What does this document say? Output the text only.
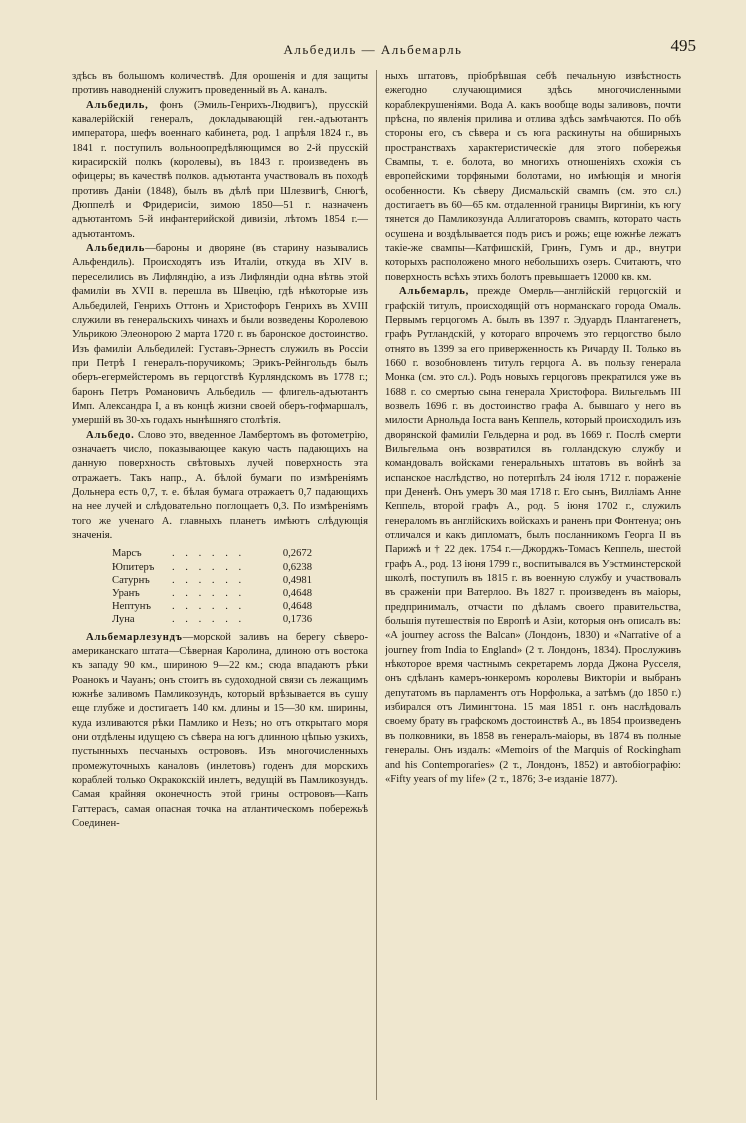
Альбедиль — Альбемарль	495

здѣсь въ большомъ количествѣ. Для орошенія и для защиты противъ наводненій служитъ проведенный въ А. каналъ.

Альбедиль, фонъ (Эмиль-Генрихъ-Людвигъ), прусскій кавалерійскій генералъ, докладывающій ген.-адъютантъ императора, шефъ военнаго кабинета, род. 1 апрѣля 1824 г., въ 1841 г. поступилъ вольноопредѣляющимся во 2-й прусскій кирасирскій полкъ (королевы), въ 1843 г. произведенъ въ офицеры; въ качествѣ полков. адъютанта участвовалъ въ походѣ противъ Даніи (1848), былъ въ дѣлѣ при Шлезвигѣ, Снюгѣ, Дюппелѣ и Фридерисіи, зимою 1850—51 г. назначенъ адъютантомъ 5-й инфантерийской дивизіи, лѣтомъ 1854 г.—адъютантомъ.

Альбедиль—бароны и дворяне (въ старину назывались Альфендиль). Происходятъ изъ Италіи, откуда въ XIV в. переселились въ Лифляндію, а изъ Лифляндіи одна вѣтвь этой фамиліи въ XVII в. перешла въ Швецію, гдѣ нѣкоторые изъ Альбедилей, Генрихъ Оттонъ и Христофоръ Генрихъ въ XVIII служили въ генеральскихъ чинахъ и были возведены Королевою Ульрикою Элеонорою 2 марта 1720 г. въ баронское достоинство. Изъ фамиліи Альбедилей: Густавъ-Эрнестъ служилъ въ Россіи при Петрѣ I генералъ-поручикомъ; Эрикъ-Рейнгольдъ былъ оберъ-егермейстеромъ въ герцогствѣ Курляндскомъ въ 1778 г.; баронъ Петръ Романовичъ Альбедиль — флигель-адъютантъ Имп. Александра I, а въ концѣ жизни своей оберъ-гофмаршалъ, умершій въ 30-хъ годахъ нынѣшняго столѣтія.

Альбедо. Слово это, введенное Ламбертомъ въ фотометрію, означаетъ число, показывающее какую часть падающихъ на данную поверхность свѣтовыхъ лучей поверхность эта отражаетъ. Такъ напр., А. бѣлой бумаги по измѣреніямъ Дольнера есть 0,7, т. е. бѣлая бумага отражаетъ 0,7 падающихъ на нее лучей и слѣдовательно поглощаетъ 0,3. По измѣреніямъ того же ученаго А. главныхъ планетъ имѣютъ слѣдующія значенія.

Марсъ	. . . . . .	0,2672
Юпитеръ	. . . . . .	0,6238
Сатурнъ	. . . . . .	0,4981
Уранъ	. . . . . .	0,4648
Нептунъ	. . . . . .	0,4648
Луна	. . . . . .	0,1736

Альбемарлезундъ—морской заливъ на берегу сѣверо-американскаго штата—Сѣверная Каролина, длиною отъ востока къ западу 90 км., шириною 9—22 км.; сюда впадаютъ рѣки Роанокъ и Чауанъ; онъ стоитъ въ судоходной связи съ лежащимъ южнѣе заливомъ Памликозундъ, который врѣзывается въ сушу еще глубже и достигаетъ 140 км. длины и 15—30 км. ширины, куда изливаются рѣки Памлико и Незъ; но отъ открытаго моря они отдѣлены идущею съ сѣвера на югъ длинною цѣпью узкихъ, пустынныхъ песчаныхъ острововъ. Изъ многочисленныхъ промежуточныхъ каналовъ (инлетовъ) годенъ для морскихъ кораблей только Окракокскій инлетъ, ведущій въ Памликозундъ. Самая крайняя оконечность этой грины острововъ—Капъ Гаттерасъ, самая опасная точка на атлантическомъ побережьѣ Соединен-

ныхъ штатовъ, пріобрѣвшая себѣ печальную извѣстность ежегодно случающимися здѣсь многочисленными кораблекрушеніями. Вода А. какъ вообще воды заливовъ, почти прѣсна, по явленія прилива и отлива здѣсь замѣчаются. По обѣ стороны его, съ сѣвера и съ юга раскинуты на обширныхъ пространствахъ характеристическіе для этого побережья Свампы, т. е. болота, во многихъ отношеніяхъ схожія съ европейскими торфяными болотами, но имѣющія и многія особенности. Къ сѣверу Дисмальскій свампъ (см. это сл.) достигаетъ въ 60—65 км. отдаленной границы Виргиніи, къ югу тянется до Памликозунда Аллигаторовъ свампъ, которато часть осушена и воздѣлывается подъ рисъ и рожь; еще южнѣе лежатъ такіе-же свампы—Катфишскій, Гринъ, Гумъ и др., внутри которыхъ расположено много небольшихъ озеръ. Считаютъ, что поверхность всѣхъ этихъ болотъ превышаетъ 12000 кв. км.

Альбемарль, прежде Омерль—англійскій герцогскій и графскій титулъ, происходящій отъ норманскаго города Омаль. Первымъ герцогомъ А. былъ въ 1397 г. Эдуардъ Плантагенетъ, графъ Рутландскій, у котораго впрочемъ это герцогство было отнято въ 1399 за его приверженность къ Ричарду II. Только въ 1660 г. возобновленъ титулъ герцога А. въ пользу генерала Монка (см. это сл.). Родъ новыхъ герцоговъ прекратился уже въ 1688 г. со смертью сына генерала Христофора. Вильгельмъ III возвелъ 1696 г. въ достоинство графа А. бывшаго у него въ милости Арнольда Іоста ванъ Кеппель, который происходилъ изъ дворянской фамиліи Гельдерна и род. въ 1669 г. Послѣ смерти Вильгельма онъ возвратился въ голландскую службу и командовалъ войсками генеральныхъ штатовъ въ войнѣ за испанское наслѣдство, но потерпѣлъ 24 іюля 1712 г. пораженіе при Дененѣ. Онъ умеръ 30 мая 1718 г. Его сынъ, Вилліамъ Анне Кеппель, второй графъ А., род. 5 іюня 1702 г., служилъ генераломъ въ англійскихъ войскахъ и раненъ при Фонтенуа; онъ отличался и какъ дипломатъ, былъ посланникомъ Георга II въ Парижѣ и † 22 дек. 1754 г.—Джорджъ-Томасъ Кеппель, шестой графъ А., род. 13 іюня 1799 г., воспитывался въ Уэстминстерской школѣ, поступилъ въ 1815 г. въ военную службу и участвовалъ въ сраженіи при Ватерлоо. Въ 1827 г. произведенъ въ маіоры, предпринималъ, отчасти по дѣламъ своего правительства, большія путешествія по Европѣ и Азіи, которыя онъ описалъ въ: «A journey across the Balcan» (Лондонъ, 1830) и «Narrative of a journey from India to England» (2 т. Лондонъ, 1834). Прослуживъ нѣкоторое время частнымъ секретаремъ лорда Джона Русселя, онъ сдѣланъ камеръ-юнкеромъ королевы Викторіи и выбранъ депутатомъ въ парламентъ отъ Норфолька, а затѣмъ (до 1850 г.) избирался отъ Лимингтона. 15 мая 1851 г. онъ наслѣдовалъ своему брату въ графскомъ достоинствѣ А., въ 1854 произведенъ въ полковники, въ 1858 въ генералъ-маіоры, въ 1874 въ полные генералы. Онъ издалъ: «Memoirs of the Marquis of Rockingham and his Contemporaries» (2 т., Лондонъ, 1852) и автобіографію: «Fifty years of my life» (2 т., 1876; 3-е изданіе 1877).
